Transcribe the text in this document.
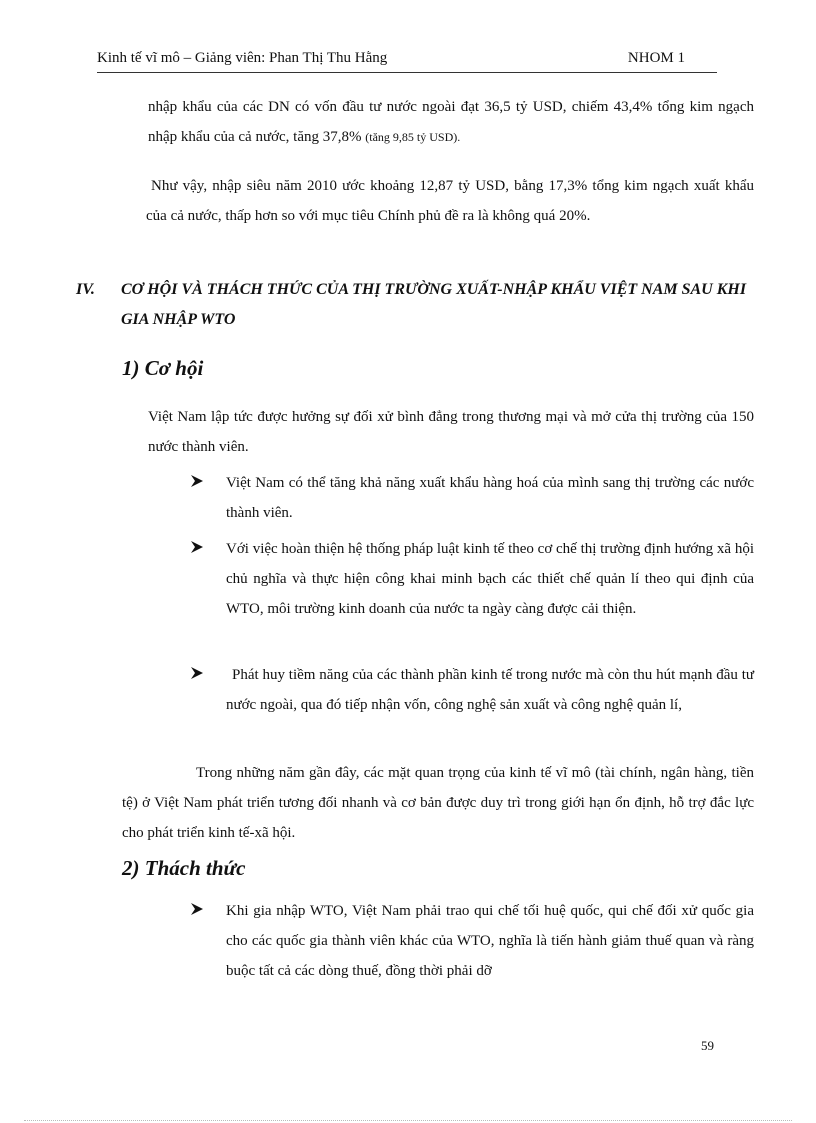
Kinh tế vĩ mô – Giảng viên: Phan Thị Thu Hằng	NHOM 1

nhập khẩu của các DN có vốn đầu tư nước ngoài đạt 36,5 tỷ USD, chiếm 43,4% tổng kim ngạch nhập khẩu của cả nước, tăng 37,8% (tăng 9,85 tỷ USD).

Như vậy, nhập siêu năm 2010 ước khoảng 12,87 tỷ USD, bằng 17,3% tổng kim ngạch xuất khẩu của cả nước, thấp hơn so với mục tiêu Chính phủ đề ra là không quá 20%.

IV. CƠ HỘI VÀ THÁCH THỨC CỦA THỊ TRƯỜNG XUẤT-NHẬP KHẨU VIỆT NAM SAU KHI GIA NHẬP WTO
1) Cơ hội

Việt Nam lập tức được hưởng sự đối xử bình đẳng trong thương mại và mở cửa thị trường của 150 nước thành viên.

Việt Nam có thể tăng khả năng xuất khẩu hàng hoá của mình sang thị trường các nước thành viên.

Với việc hoàn thiện hệ thống pháp luật kinh tế theo cơ chế thị trường định hướng xã hội chủ nghĩa và thực hiện công khai minh bạch các thiết chế quản lí theo qui định của WTO, môi trường kinh doanh của nước ta ngày càng được cải thiện.

Phát huy tiềm năng của các thành phần kinh tế trong nước mà còn thu hút mạnh đầu tư nước ngoài, qua đó tiếp nhận vốn, công nghệ sản xuất và công nghệ quản lí,

Trong những năm gần đây, các mặt quan trọng của kinh tế vĩ mô (tài chính, ngân hàng, tiền tệ) ở Việt Nam phát triển tương đối nhanh và cơ bản được duy trì trong giới hạn ổn định, hỗ trợ đắc lực cho phát triển kinh tế-xã hội.

2) Thách thức

Khi gia nhập WTO, Việt Nam phải trao qui chế tối huệ quốc, qui chế đối xử quốc gia cho các quốc gia thành viên khác của WTO, nghĩa là tiến hành giảm thuế quan và ràng buộc tất cả các dòng thuế, đồng thời phải dỡ

59
